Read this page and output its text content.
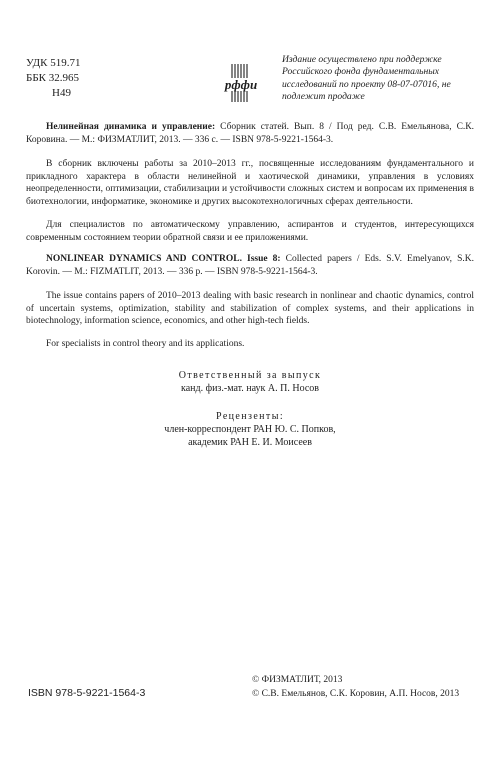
УДК 519.71
ББК 32.965
Н49
рффи
Издание осуществлено при поддержке Российского фонда фундаментальных исследований по проекту 08-07-07016, не подлежит продаже
Нелинейная динамика и управление: Сборник статей. Вып. 8 / Под ред. С.В. Емельянова, С.К. Коровина. — М.: ФИЗМАТЛИТ, 2013. — 336 с. — ISBN 978-5-9221-1564-3.
В сборник включены работы за 2010–2013 гг., посвященные исследованиям фундаментального и прикладного характера в области нелинейной и хаотической динамики, управления в условиях неопределенности, оптимизации, стабилизации и устойчивости сложных систем и вопросам их применения в биотехнологии, информатике, экономике и других высокотехнологичных сферах деятельности.
Для специалистов по автоматическому управлению, аспирантов и студентов, интересующихся современным состоянием теории обратной связи и ее приложениями.
NONLINEAR DYNAMICS AND CONTROL. Issue 8: Collected papers / Eds. S.V. Emelyanov, S.K. Korovin. — M.: FIZMATLIT, 2013. — 336 p. — ISBN 978-5-9221-1564-3.
The issue contains papers of 2010–2013 dealing with basic research in nonlinear and chaotic dynamics, control of uncertain systems, optimization, stability and stabilization of complex systems, and their applications in biotechnology, information science, economics, and other high-tech fields.
For specialists in control theory and its applications.
Ответственный за выпуск
канд. физ.-мат. наук А. П. Носов
Рецензенты:
член-корреспондент РАН Ю. С. Попков,
академик РАН Е. И. Моисеев
ISBN 978-5-9221-1564-3
© ФИЗМАТЛИТ, 2013
© С.В. Емельянов, С.К. Коровин, А.П. Носов, 2013
